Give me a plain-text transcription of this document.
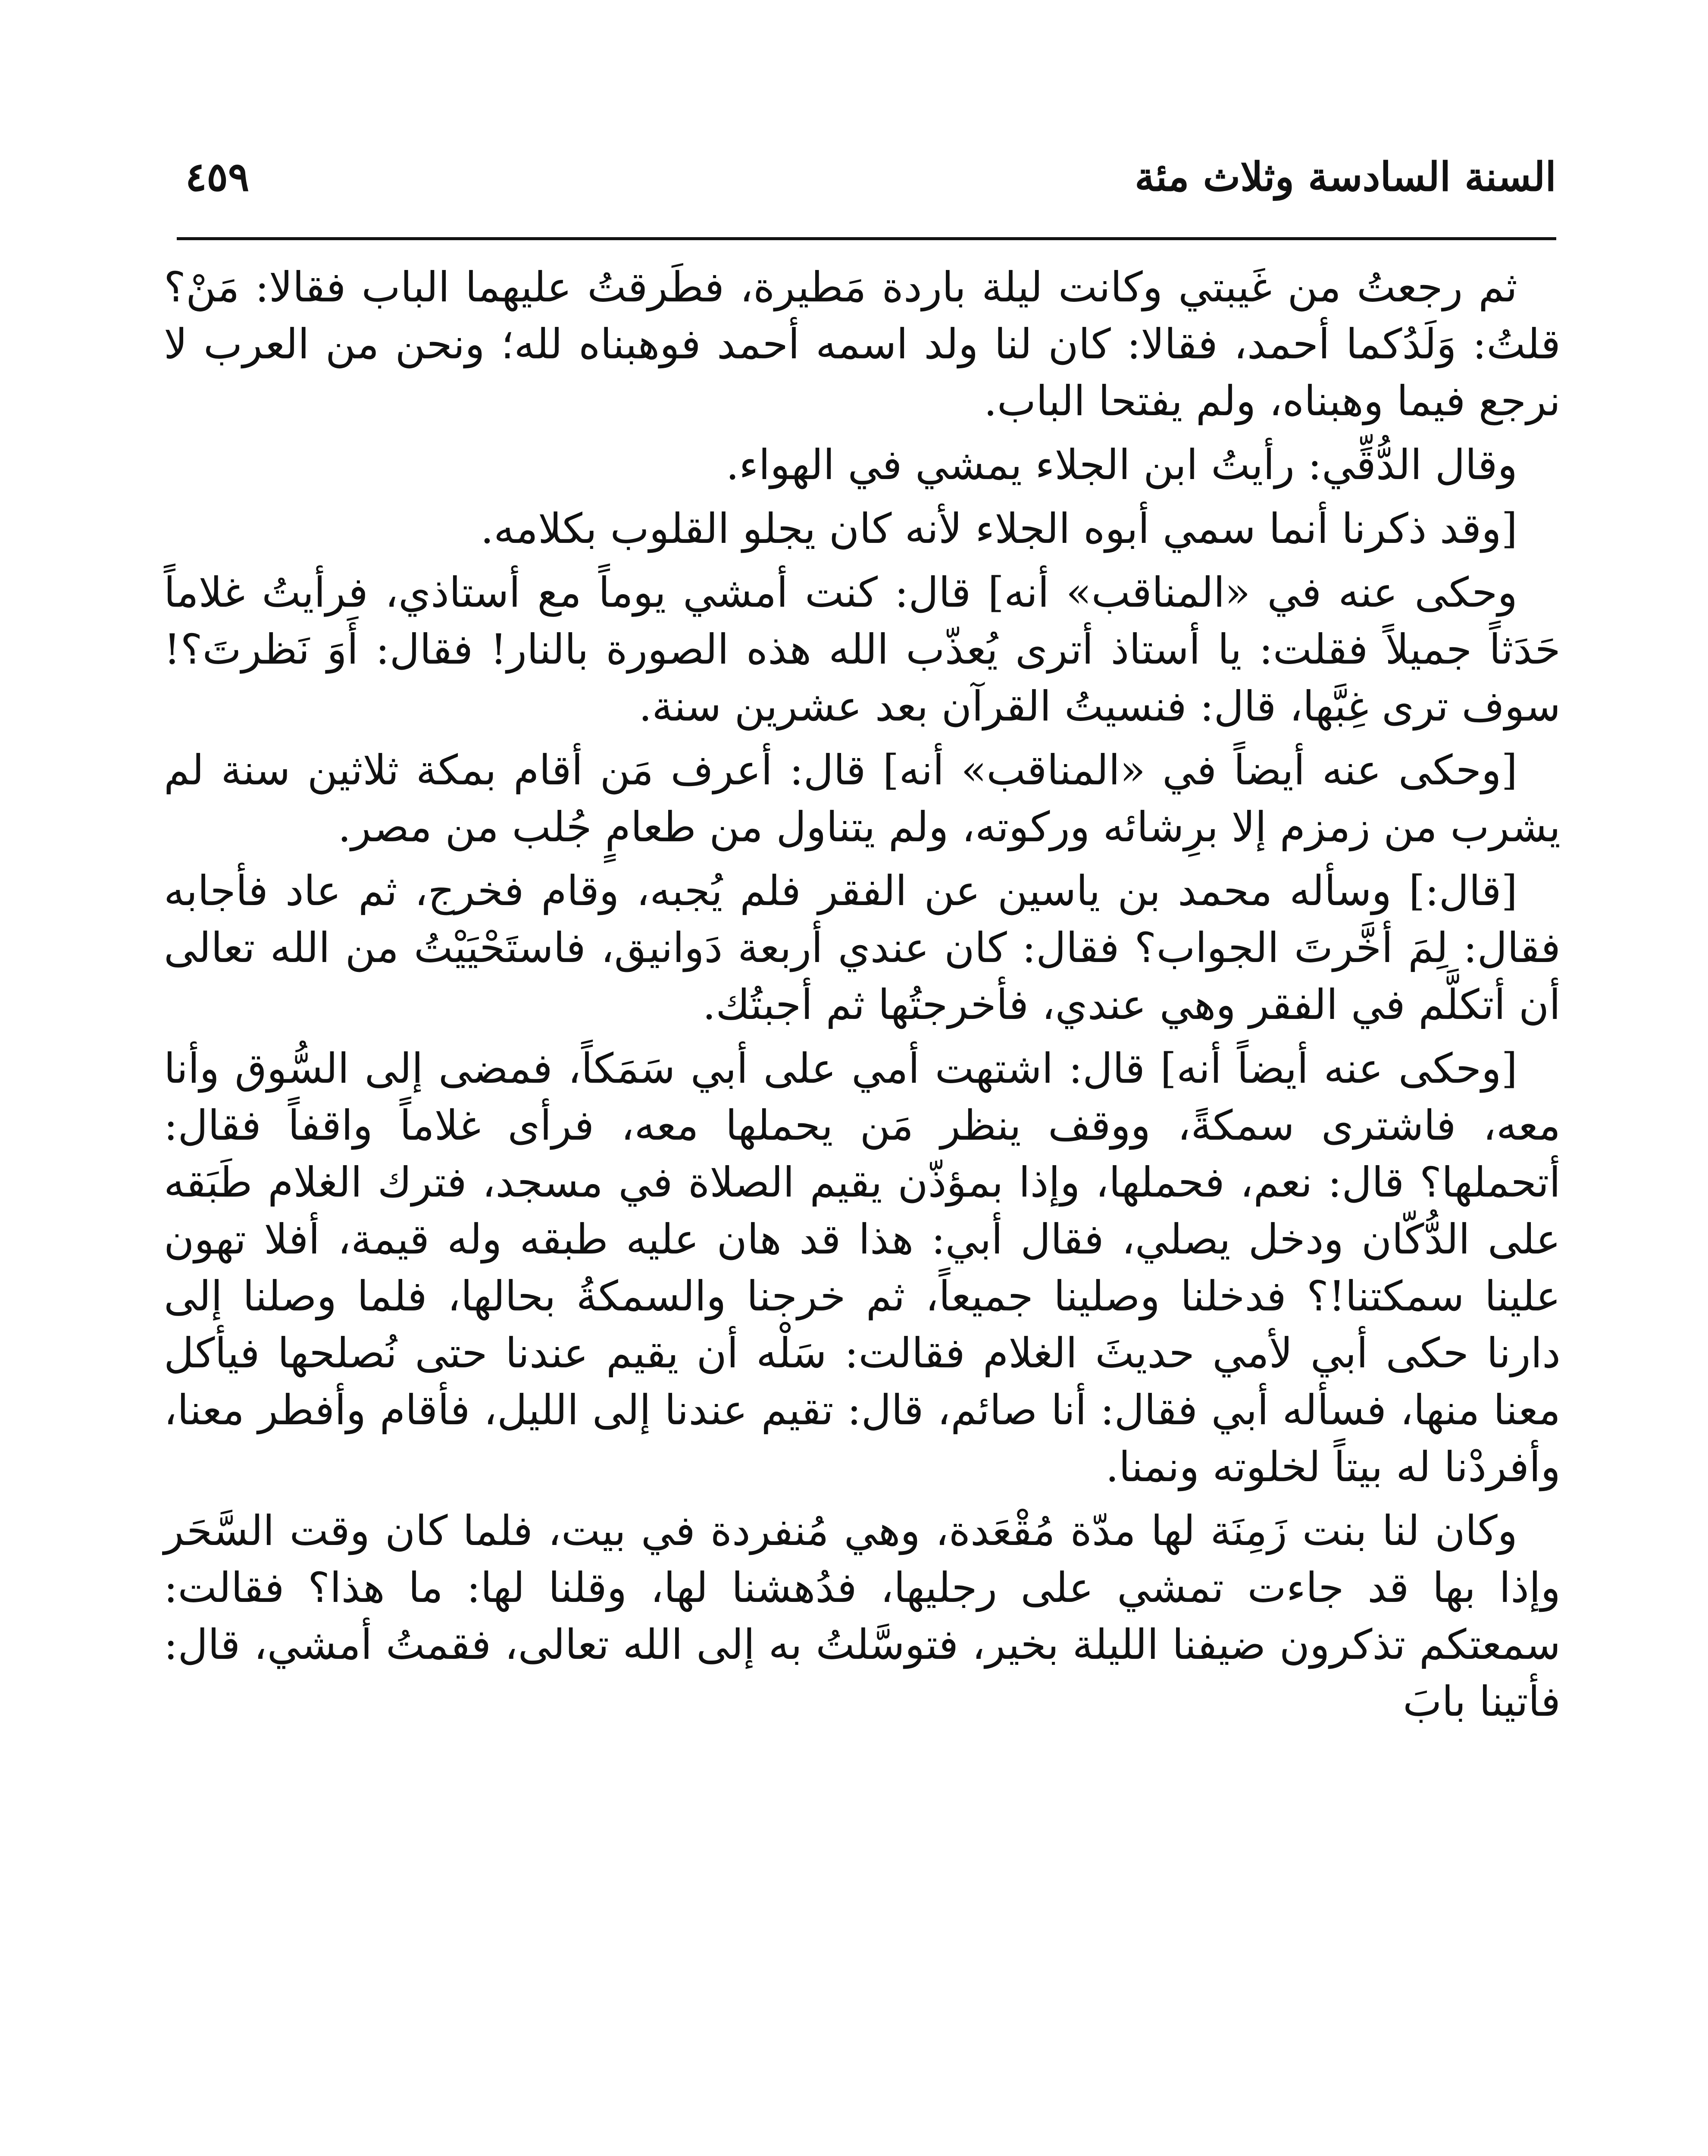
السنة السادسة وثلاث مئة
٤٥٩

ثم رجعتُ من غَيبتي وكانت ليلة باردة مَطيرة، فطَرقتُ عليهما الباب فقالا: مَنْ؟ قلتُ: وَلَدُكما أحمد، فقالا: كان لنا ولد اسمه أحمد فوهبناه لله؛ ونحن من العرب لا نرجع فيما وهبناه، ولم يفتحا الباب.

وقال الدُّقِّي: رأيتُ ابن الجلاء يمشي في الهواء.

[وقد ذكرنا أنما سمي أبوه الجلاء لأنه كان يجلو القلوب بكلامه.

وحكى عنه في «المناقب» أنه] قال: كنت أمشي يوماً مع أستاذي، فرأيتُ غلاماً حَدَثاً جميلاً فقلت: يا أستاذ أترى يُعذّب الله هذه الصورة بالنار! فقال: أَوَ نَظرتَ؟! سوف ترى غِبَّها، قال: فنسيتُ القرآن بعد عشرين سنة.

[وحكى عنه أيضاً في «المناقب» أنه] قال: أعرف مَن أقام بمكة ثلاثين سنة لم يشرب من زمزم إلا برِشائه وركوته، ولم يتناول من طعامٍ جُلب من مصر.

[قال:] وسأله محمد بن ياسين عن الفقر فلم يُجبه، وقام فخرج، ثم عاد فأجابه فقال: لِمَ أخَّرتَ الجواب؟ فقال: كان عندي أربعة دَوانيق، فاستَحْيَيْتُ من الله تعالى أن أتكلَّم في الفقر وهي عندي، فأخرجتُها ثم أجبتُك.

[وحكى عنه أيضاً أنه] قال: اشتهت أمي على أبي سَمَكاً، فمضى إلى السُّوق وأنا معه، فاشترى سمكةً، ووقف ينظر مَن يحملها معه، فرأى غلاماً واقفاً فقال: أتحملها؟ قال: نعم، فحملها، وإذا بمؤذّن يقيم الصلاة في مسجد، فترك الغلام طَبَقه على الدُّكّان ودخل يصلي، فقال أبي: هذا قد هان عليه طبقه وله قيمة، أفلا تهون علينا سمكتنا!؟ فدخلنا وصلينا جميعاً، ثم خرجنا والسمكةُ بحالها، فلما وصلنا إلى دارنا حكى أبي لأمي حديثَ الغلام فقالت: سَلْه أن يقيم عندنا حتى نُصلحها فيأكل معنا منها، فسأله أبي فقال: أنا صائم، قال: تقيم عندنا إلى الليل، فأقام وأفطر معنا، وأفردْنا له بيتاً لخلوته ونمنا.

وكان لنا بنت زَمِنَة لها مدّة مُقْعَدة، وهي مُنفردة في بيت، فلما كان وقت السَّحَر وإذا بها قد جاءت تمشي على رجليها، فدُهشنا لها، وقلنا لها: ما هذا؟ فقالت: سمعتكم تذكرون ضيفنا الليلة بخير، فتوسَّلتُ به إلى الله تعالى، فقمتُ أمشي، قال: فأتينا بابَ
